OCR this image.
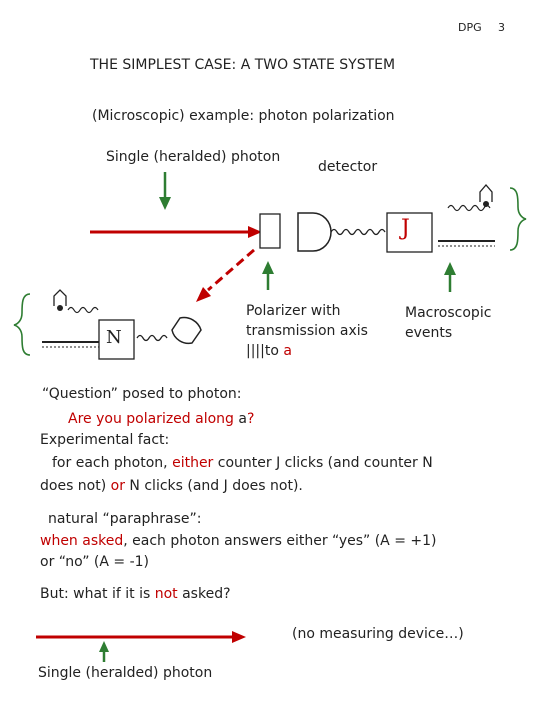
DPG 3
THE SIMPLEST CASE: A TWO STATE SYSTEM
(Microscopic) example: photon polarization
Single (heralded) photon
detector
J
N
Polarizer with
transmission axis
||||to a
Macroscopic
events
“Question” posed to photon:
Are you polarized along a?
Experimental fact:
for each photon, either counter J clicks (and counter N
does not) or N clicks (and J does not).
natural “paraphrase”:
when asked, each photon answers either “yes” (A = +1)
or “no” (A = -1)
But: what if it is not asked?
(no measuring device…)
Single (heralded) photon
